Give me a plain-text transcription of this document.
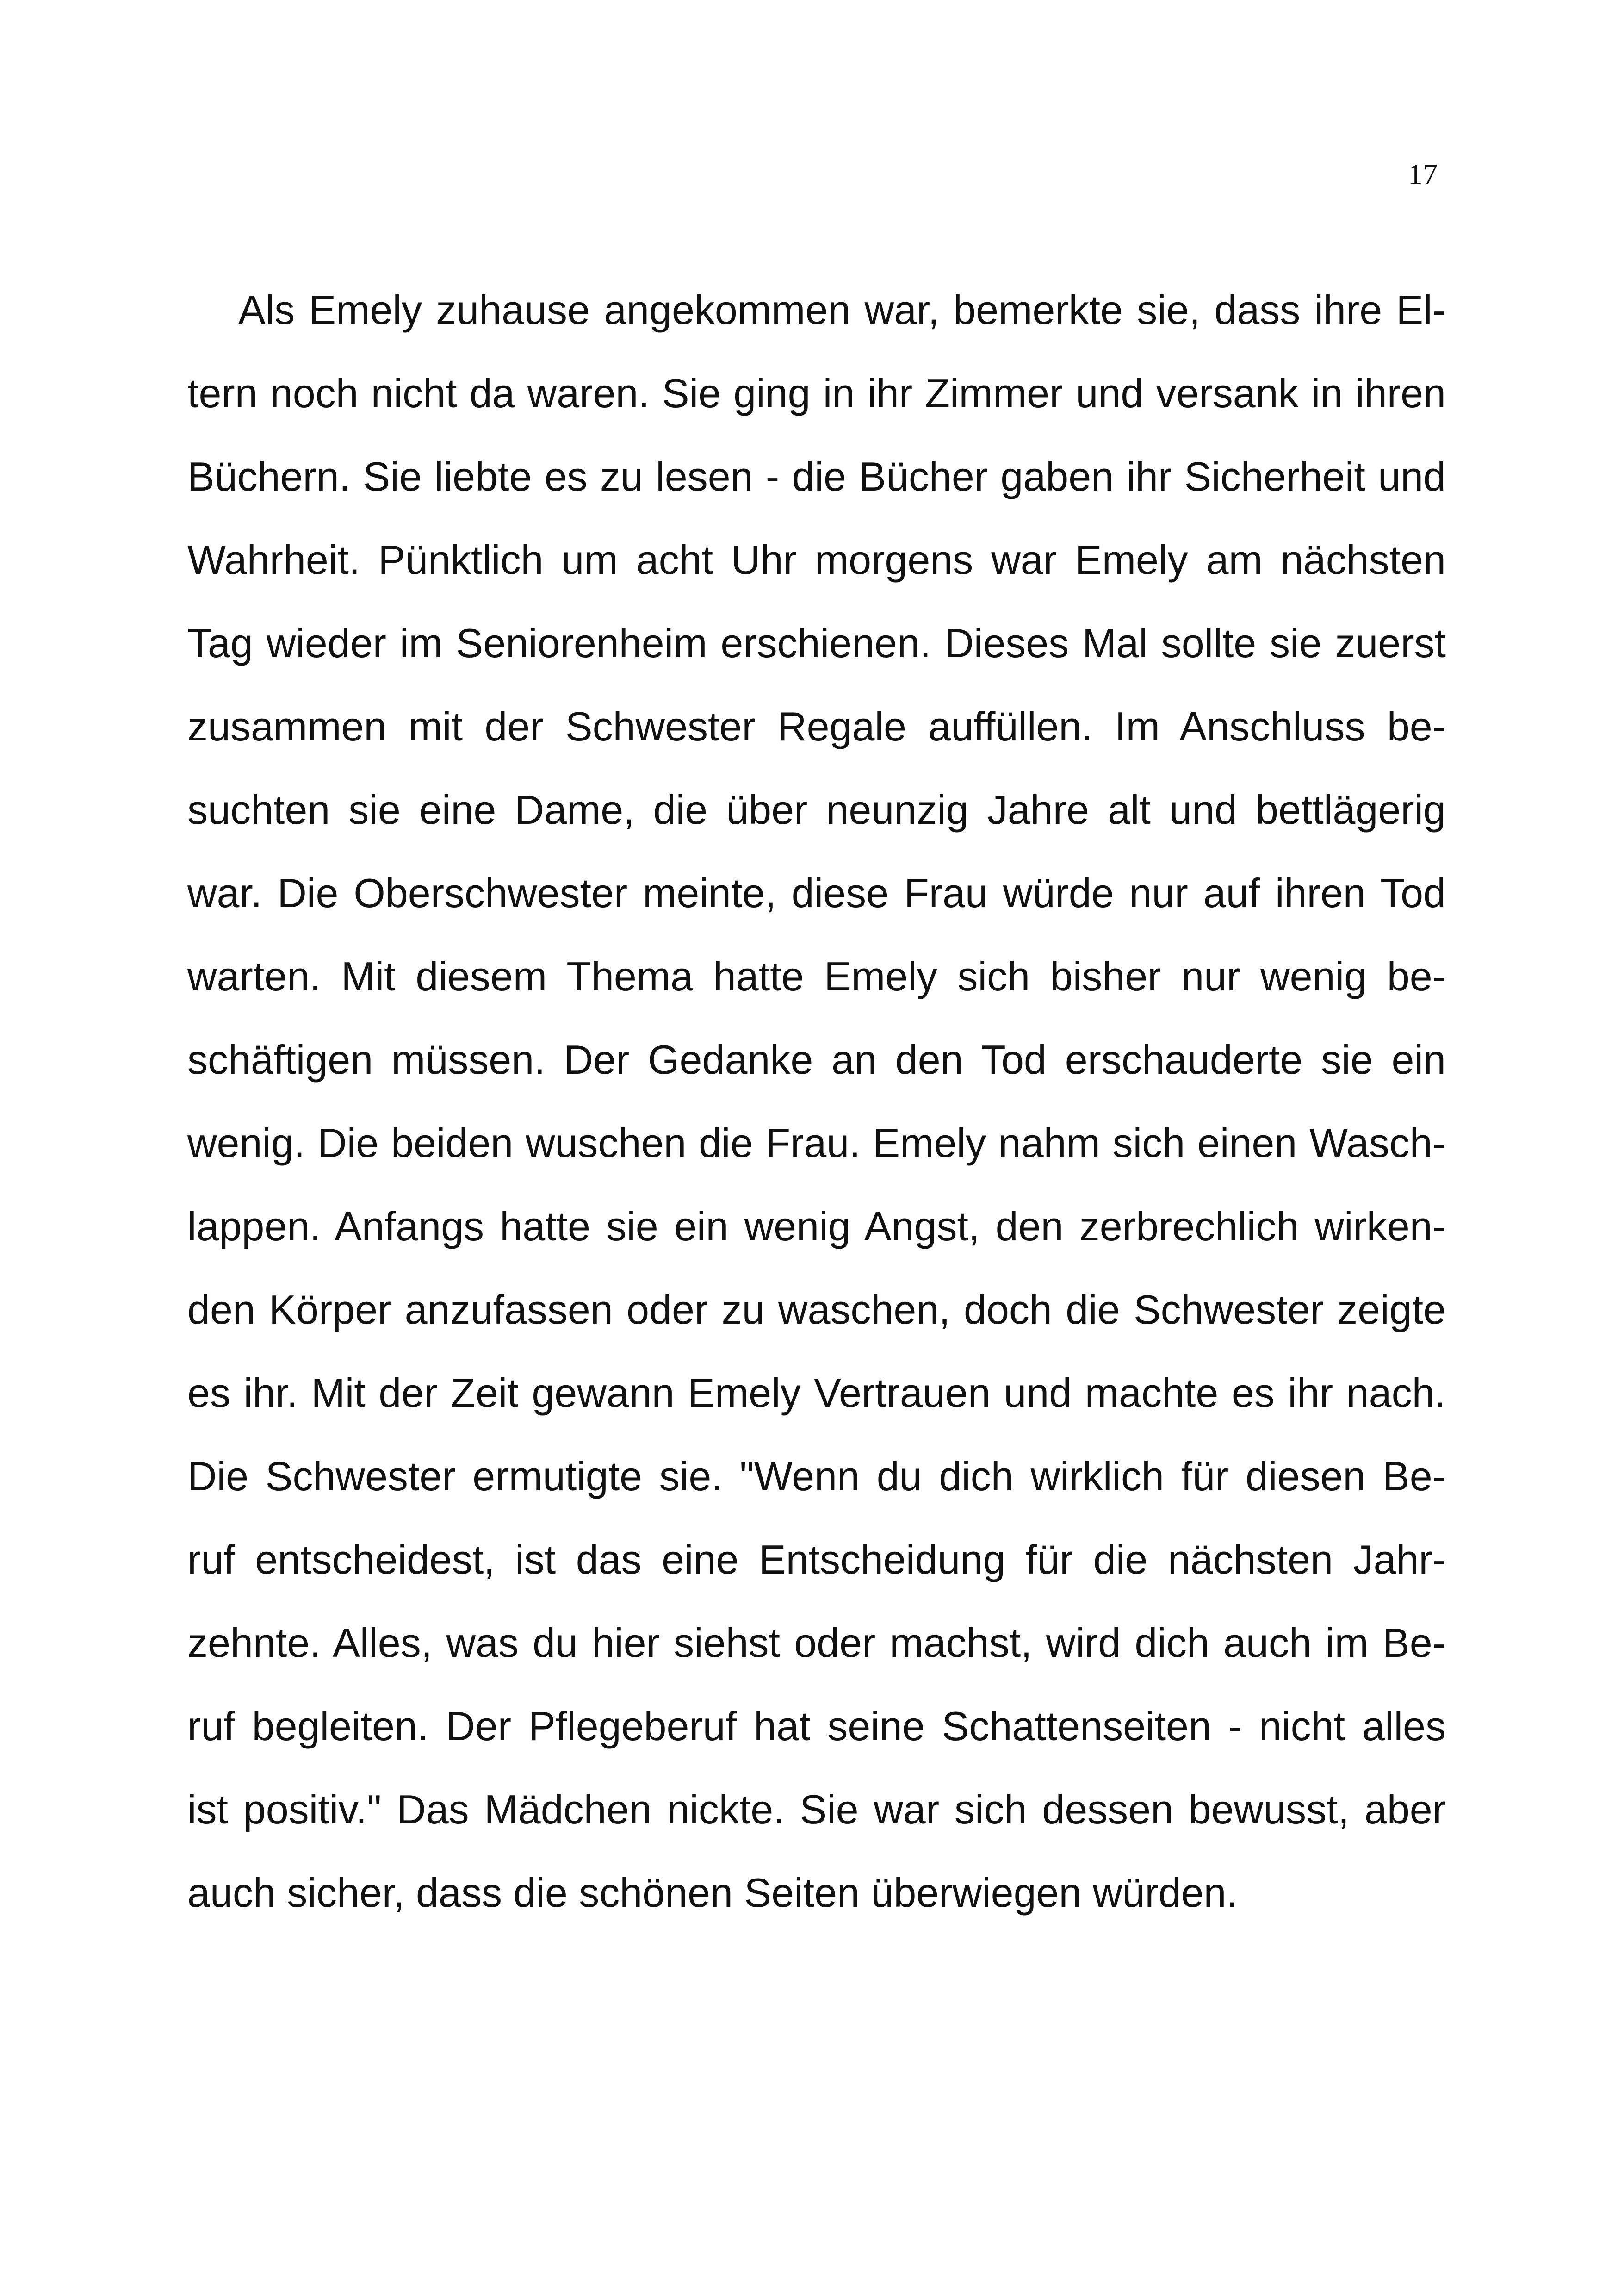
17
Als Emely zuhause angekommen war, bemerkte sie, dass ihre El-
tern noch nicht da waren. Sie ging in ihr Zimmer und versank in ihren
Büchern. Sie liebte es zu lesen - die Bücher gaben ihr Sicherheit und
Wahrheit. Pünktlich um acht Uhr morgens war Emely am nächsten
Tag wieder im Seniorenheim erschienen. Dieses Mal sollte sie zuerst
zusammen mit der Schwester Regale auffüllen. Im Anschluss be-
suchten sie eine Dame, die über neunzig Jahre alt und bettlägerig
war. Die Oberschwester meinte, diese Frau würde nur auf ihren Tod
warten. Mit diesem Thema hatte Emely sich bisher nur wenig be-
schäftigen müssen. Der Gedanke an den Tod erschauderte sie ein
wenig. Die beiden wuschen die Frau. Emely nahm sich einen Wasch-
lappen. Anfangs hatte sie ein wenig Angst, den zerbrechlich wirken-
den Körper anzufassen oder zu waschen, doch die Schwester zeigte
es ihr. Mit der Zeit gewann Emely Vertrauen und machte es ihr nach.
Die Schwester ermutigte sie. "Wenn du dich wirklich für diesen Be-
ruf entscheidest, ist das eine Entscheidung für die nächsten Jahr-
zehnte. Alles, was du hier siehst oder machst, wird dich auch im Be-
ruf begleiten. Der Pflegeberuf hat seine Schattenseiten - nicht alles
ist positiv." Das Mädchen nickte. Sie war sich dessen bewusst, aber
auch sicher, dass die schönen Seiten überwiegen würden.
